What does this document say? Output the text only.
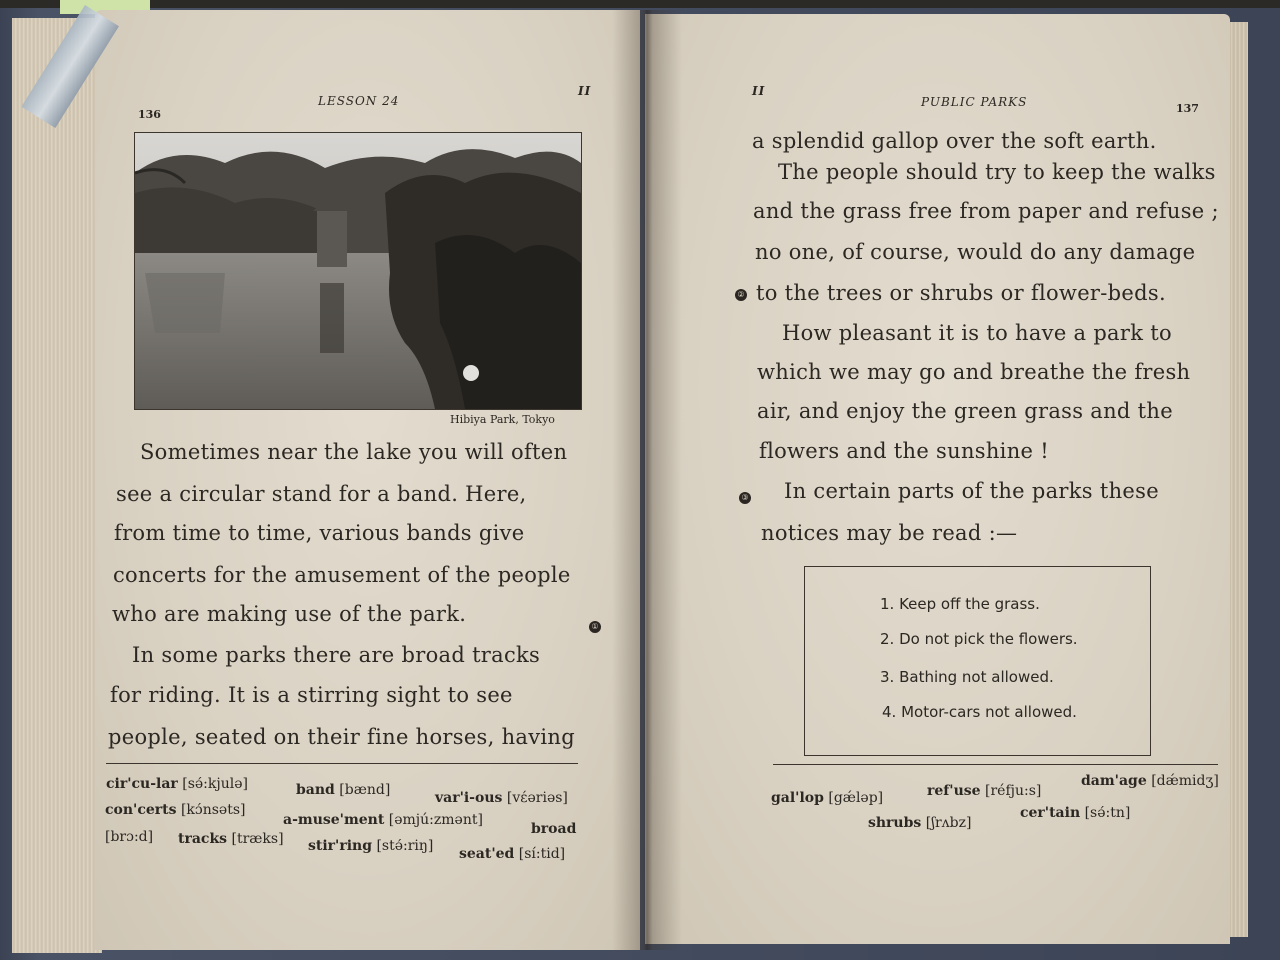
136
LESSON 24
II
Hibiya Park, Tokyo
Sometimes near the lake you will often
see a circular stand for a band. Here,
from time to time, various bands give
concerts for the amusement of the people
who are making use of the park.
①
In some parks there are broad tracks
for riding. It is a stirring sight to see
people, seated on their fine horses, having
cir'cu-lar [sə́:kjulə]	band [bænd]	var'i-ous [vέəriəs]
con'certs [kɔ́nsəts]
a-muse'ment [əmjú:zmənt]
broad
[brɔ:d] tracks [træks] stir'ring [stə́:riŋ] seat'ed [sí:tid]
II
PUBLIC PARKS	137
a splendid gallop over the soft earth.
The people should try to keep the walks
and the grass free from paper and refuse ;
no one, of course, would do any damage
② to the trees or shrubs or flower-beds.
How pleasant it is to have a park to
which we may go and breathe the fresh
air, and enjoy the green grass and the
flowers and the sunshine !
③ In certain parts of the parks these
notices may be read :—
1. Keep off the grass.
2. Do not pick the flowers.
3. Bathing not allowed.
4. Motor-cars not allowed.
dam'age [dǽmidʒ]
gal'lop [gǽləp]	ref'use [réfju:s]
shrubs [ʃrʌbz]
cer'tain [sə́:tn]
